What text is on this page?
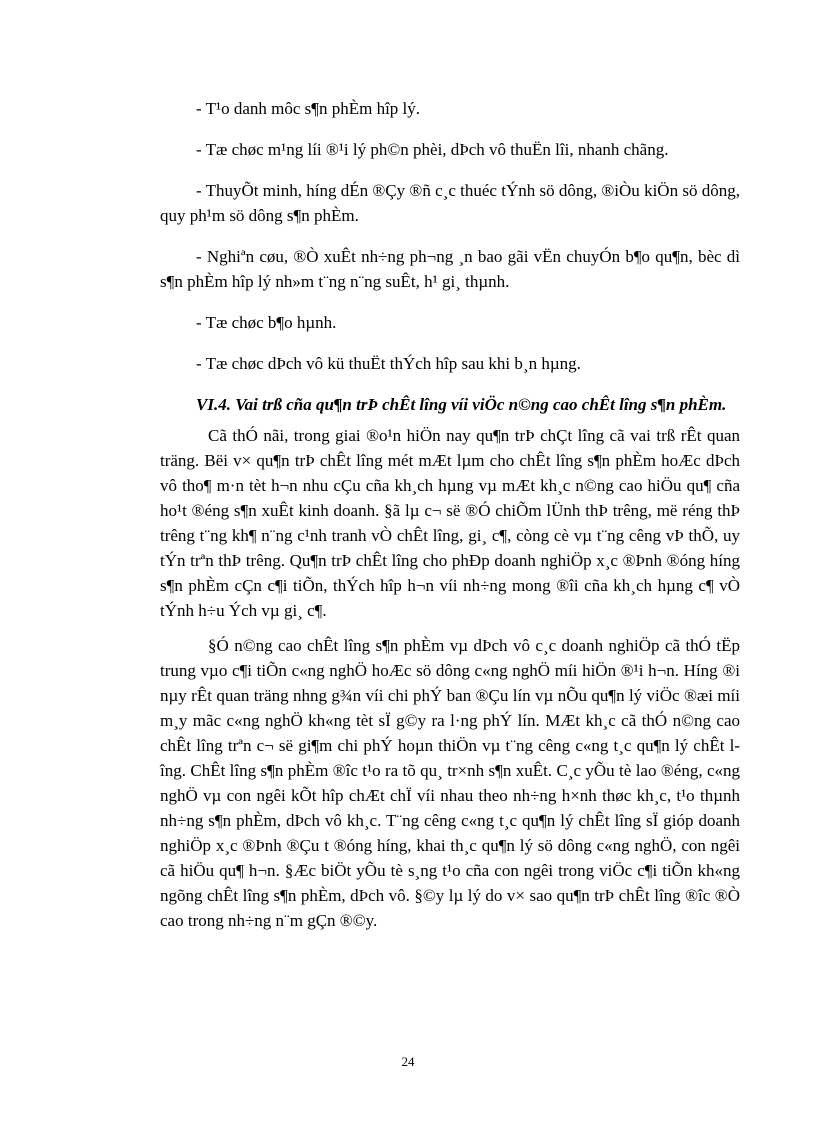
- T¹o danh môc s¶n phÈm hîp lý.

- Tæ chøc m¹ng líi ®¹i lý ph©n phèi, dÞch vô thuËn lîi, nhanh chãng.

- ThuyÕt minh, híng dÉn ®Çy ®ñ c¸c thuéc tÝnh sö dông, ®iÒu kiÖn sö dông, quy ph¹m sö dông s¶n phÈm.

- Nghiªn cøu, ®Ò xuÊt nh÷ng ph¬ng ¸n bao gãi vËn chuyÓn b¶o qu¶n, bèc dì s¶n phÈm hîp lý nh»m t¨ng n¨ng suÊt, h¹ gi¸ thµnh.

- Tæ chøc b¶o hµnh.

- Tæ chøc dÞch vô kü thuËt thÝch hîp sau khi b¸n hµng.

VI.4. Vai trß cña qu¶n trÞ chÊt lîng víi viÖc n©ng cao chÊt lîng s¶n phÈm.

Cã thÓ nãi, trong giai ®o¹n hiÖn nay qu¶n trÞ chÇt lîng cã vai trß rÊt quan träng. Bëi v× qu¶n trÞ chÊt lîng mét mÆt lµm cho chÊt lîng s¶n phÈm hoÆc dÞch vô tho¶ m·n tèt h¬n nhu cÇu cña kh¸ch hµng vµ mÆt kh¸c n©ng cao hiÖu qu¶ cña ho¹t ®éng s¶n xuÊt kinh doanh. §ã lµ c¬ së ®Ó chiÕm lÜnh thÞ trêng, më réng thÞ trêng t¨ng kh¶ n¨ng c¹nh tranh vÒ chÊt lîng, gi¸ c¶, còng cè vµ t¨ng cêng vÞ thÕ, uy tÝn trªn thÞ trêng. Qu¶n trÞ chÊt lîng cho phÐp doanh nghiÖp x¸c ®Þnh ®óng híng s¶n phÈm cÇn c¶i tiÕn, thÝch hîp h¬n víi nh÷ng mong ®îi cña kh¸ch hµng c¶ vÒ tÝnh h÷u Ých vµ gi¸ c¶.

§Ó n©ng cao chÊt lîng s¶n phÈm vµ dÞch vô c¸c doanh nghiÖp cã thÓ tËp trung vµo c¶i tiÕn c«ng nghÖ hoÆc sö dông c«ng nghÖ míi hiÖn ®¹i h¬n. Híng ®i nµy rÊt quan träng nhng g¾n víi chi phÝ ban ®Çu lín vµ nÕu qu¶n lý viÖc ®æi míi m¸y mãc c«ng nghÖ kh«ng tèt sÏ g©y ra l·ng phÝ lín. MÆt kh¸c cã thÓ n©ng cao chÊt lîng trªn c¬ së gi¶m chi phÝ hoµn thiÖn vµ t¨ng cêng c«ng t¸c qu¶n lý chÊt lîng. ChÊt lîng s¶n phÈm ®îc t¹o ra tõ qu¸ tr×nh s¶n xuÊt. C¸c yÕu tè lao ®éng, c«ng nghÖ vµ con ngêi kÕt hîp chÆt chÏ víi nhau theo nh÷ng h×nh thøc kh¸c, t¹o thµnh nh÷ng s¶n phÈm, dÞch vô kh¸c. T¨ng cêng c«ng t¸c qu¶n lý chÊt lîng sÏ gióp doanh nghiÖp x¸c ®Þnh ®Çu t ®óng híng, khai th¸c qu¶n lý sö dông c«ng nghÖ, con ngêi cã hiÖu qu¶ h¬n. §Æc biÖt yÕu tè s¸ng t¹o cña con ngêi trong viÖc c¶i tiÕn kh«ng ngõng chÊt lîng s¶n phÈm, dÞch vô. §©y lµ lý do v× sao qu¶n trÞ chÊt lîng ®îc ®Ò cao trong nh÷ng n¨m gÇn ®©y.

24
